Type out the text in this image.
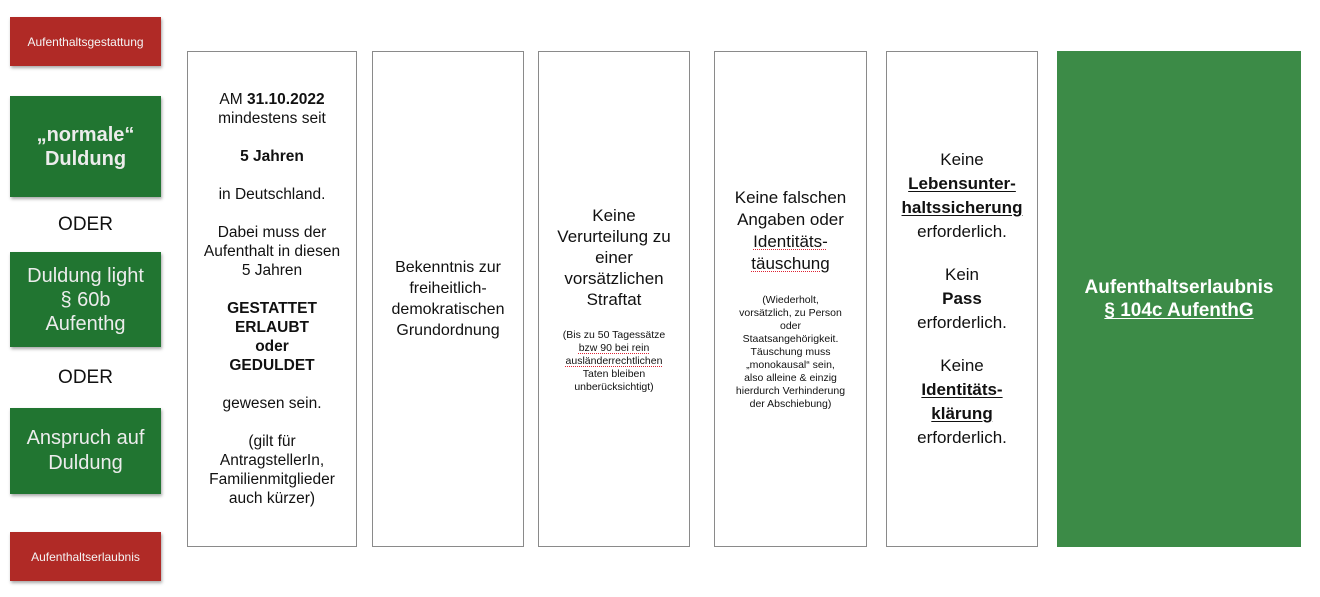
Aufenthaltsgestattung
„normale“
Duldung
ODER
Duldung light
§ 60b
Aufenthg
ODER
Anspruch auf
Duldung
Aufenthaltserlaubnis

AM 31.10.2022

mindestens seit

5 Jahren

in Deutschland.

Dabei muss der

Aufenthalt in diesen

5 Jahren

GESTATTET

ERLAUBT

oder

GEDULDET

gewesen sein.

(gilt für

AntragstellerIn,

Familienmitglieder

auch kürzer)

Bekenntnis zur

freiheitlich-

demokratischen

Grundordnung

Keine

Verurteilung zu

einer

vorsätzlichen

Straftat

(Bis zu 50 Tagessätze

bzw 90 bei rein

ausländerrechtlichen

Taten bleiben

unberücksichtigt)

Keine falschen

Angaben oder

Identitäts-

täuschung

(Wiederholt,

vorsätzlich, zu Person

oder

Staatsangehörigkeit.

Täuschung muss

„monokausal“ sein,

also alleine & einzig

hierdurch Verhinderung

der Abschiebung)

Keine

Lebensunter-

haltssicherung

erforderlich.

Kein

Pass

erforderlich.

Keine

Identitäts-

klärung

erforderlich.

Aufenthaltserlaubnis
§ 104c AufenthG
